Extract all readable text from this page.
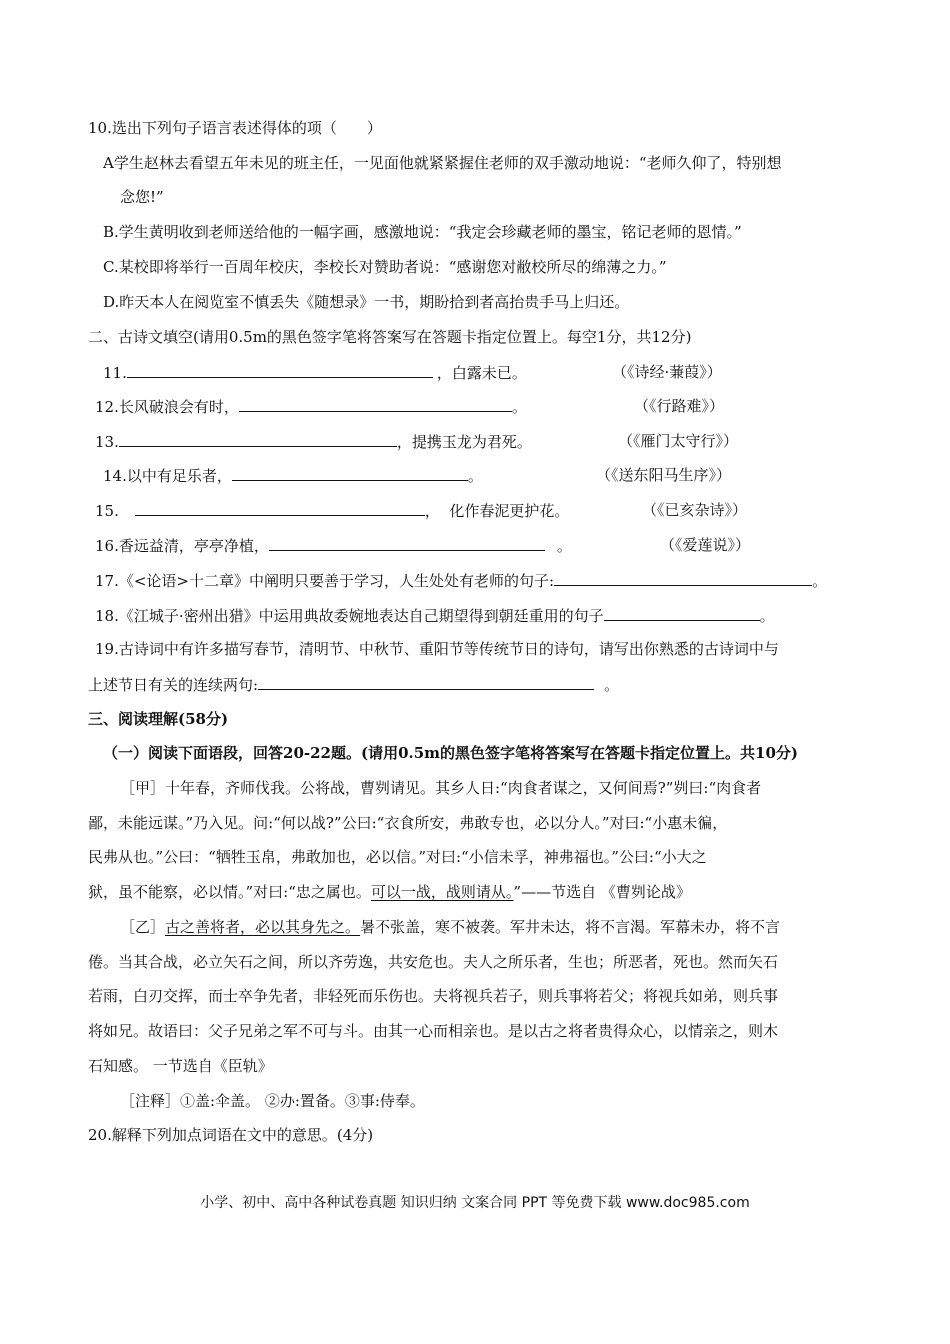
10.选出下列句子语言表述得体的项（　　）
A学生赵林去看望五年未见的班主任，一见面他就紧紧握住老师的双手激动地说：“老师久仰了，特别想
念您!”
B.学生黄明收到老师送给他的一幅字画，感激地说：“我定会珍藏老师的墨宝，铭记老师的恩情。”
C.某校即将举行一百周年校庆，李校长对赞助者说：“感谢您对敝校所尽的绵薄之力。”
D.昨天本人在阅览室不慎丢失《随想录》一书，期盼拾到者高抬贵手马上归还。
二、古诗文填空(请用0.5m的黑色签字笔将答案写在答题卡指定位置上。每空1分，共12分)
11.	，白露未已。	（《诗经·蒹葭》）
12.长风破浪会有时，	。	（《行路难》）
13.	，提携玉龙为君死。	（《雁门太守行》）
14.以中有足乐者，	。	（《送东阳马生序》）
15.	，  化作春泥更护花。	（《已亥杂诗》）
16.香远益清，亭亭净植，	。	（《爱莲说》）
17.《<论语>十二章》中阐明只要善于学习，人生处处有老师的句子:	。
18.《江城子·密州出猎》中运用典故委婉地表达自己期望得到朝廷重用的句子	。
19.古诗词中有许多描写春节，清明节、中秋节、重阳节等传统节日的诗句，请写出你熟悉的古诗词中与
上述节日有关的连续两句:	。
三、阅读理解(58分)
（一）阅读下面语段，回答20-22题。(请用0.5m的黑色签字笔将答案写在答题卡指定位置上。共10分)
［甲］十年春，齐师伐我。公将战，曹刿请见。其乡人日:“肉食者谋之，又何间焉?”刿曰:“肉食者
鄙，未能远谋。”乃入见。问:“何以战?”公曰:“衣食所安，弗敢专也，必以分人。”对曰:“小惠未徧，
民弗从也。”公曰：“牺牲玉帛，弗敢加也，必以信。”对曰:“小信未孚，神弗福也。”公曰:“小大之
狱，虽不能察，必以情。”对曰:“忠之属也。可以一战，战则请从。”——节选自 《曹刿论战》
［乙］古之善将者，必以其身先之。暑不张盖，寒不被袭。军井未达，将不言渴。军幕未办，将不言
倦。当其合战，必立矢石之间，所以齐劳逸，共安危也。夫人之所乐者，生也；所恶者，死也。然而矢石
若雨，白刃交挥，而士卒争先者，非轻死而乐伤也。夫将视兵若子，则兵事将若父；将视兵如弟，则兵事
将如兄。故语曰：父子兄弟之军不可与斗。由其一心而相亲也。是以古之将者贵得众心，以情亲之，则木
石知感。 一节选自《臣轨》
［注释］①盖:伞盖。 ②办:置备。③事:侍奉。
20.解释下列加点词语在文中的意思。(4分)
小学、初中、高中各种试卷真题 知识归纳 文案合同 PPT 等免费下载 www.doc985.com
